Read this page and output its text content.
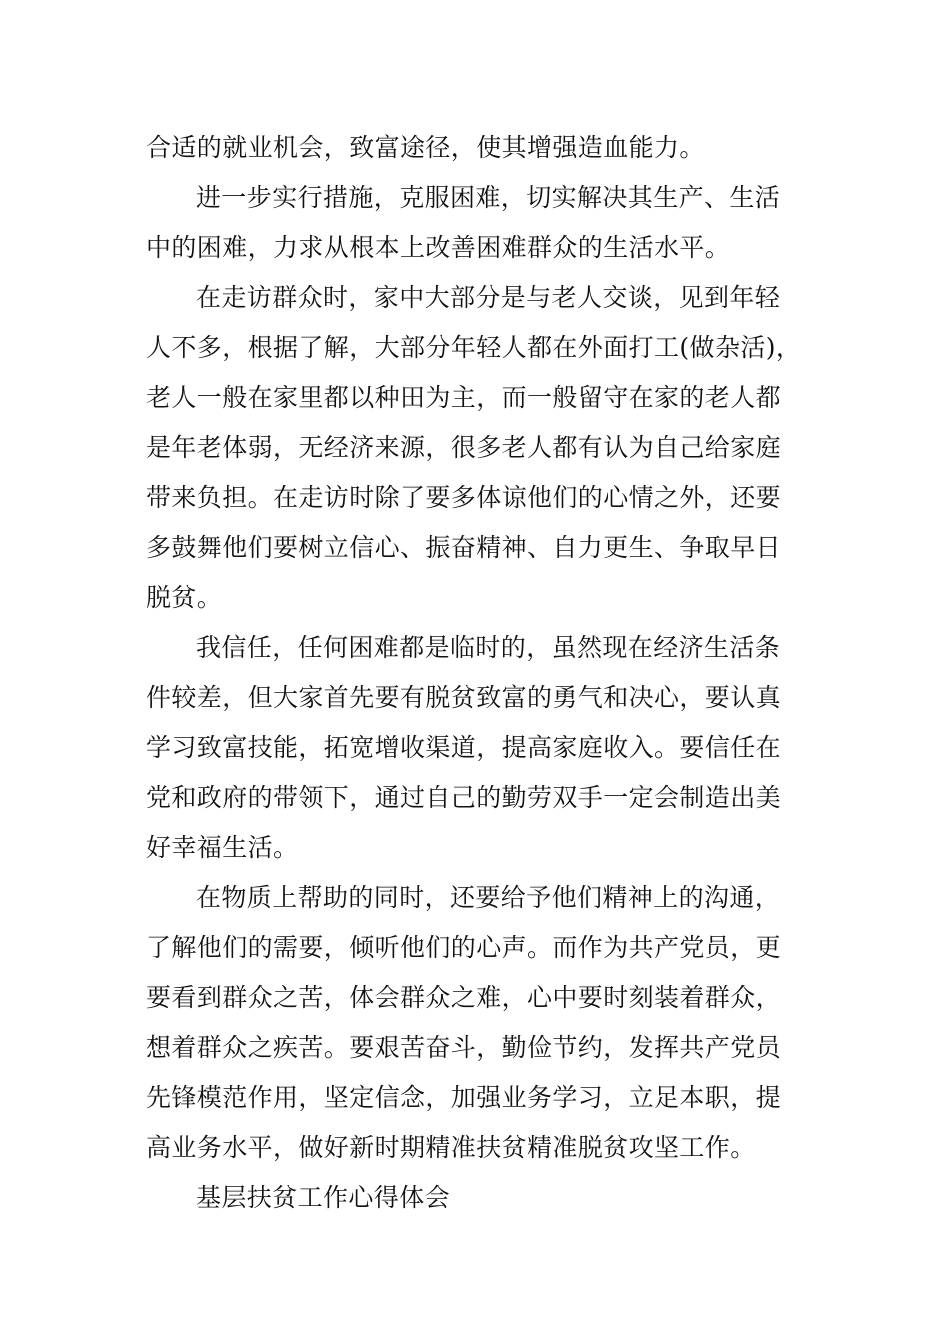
合适的就业机会，致富途径，使其增强造血能力。
进一步实行措施，克服困难，切实解决其生产、生活
中的困难，力求从根本上改善困难群众的生活水平。
在走访群众时，家中大部分是与老人交谈，见到年轻
人不多，根据了解，大部分年轻人都在外面打工(做杂活)，
老人一般在家里都以种田为主，而一般留守在家的老人都
是年老体弱，无经济来源，很多老人都有认为自己给家庭
带来负担。在走访时除了要多体谅他们的心情之外，还要
多鼓舞他们要树立信心、振奋精神、自力更生、争取早日
脱贫。
我信任，任何困难都是临时的，虽然现在经济生活条
件较差，但大家首先要有脱贫致富的勇气和决心，要认真
学习致富技能，拓宽增收渠道，提高家庭收入。要信任在
党和政府的带领下，通过自己的勤劳双手一定会制造出美
好幸福生活。
在物质上帮助的同时，还要给予他们精神上的沟通，
了解他们的需要，倾听他们的心声。而作为共产党员，更
要看到群众之苦，体会群众之难，心中要时刻装着群众，
想着群众之疾苦。要艰苦奋斗，勤俭节约，发挥共产党员
先锋模范作用，坚定信念，加强业务学习，立足本职，提
高业务水平，做好新时期精准扶贫精准脱贫攻坚工作。
基层扶贫工作心得体会
